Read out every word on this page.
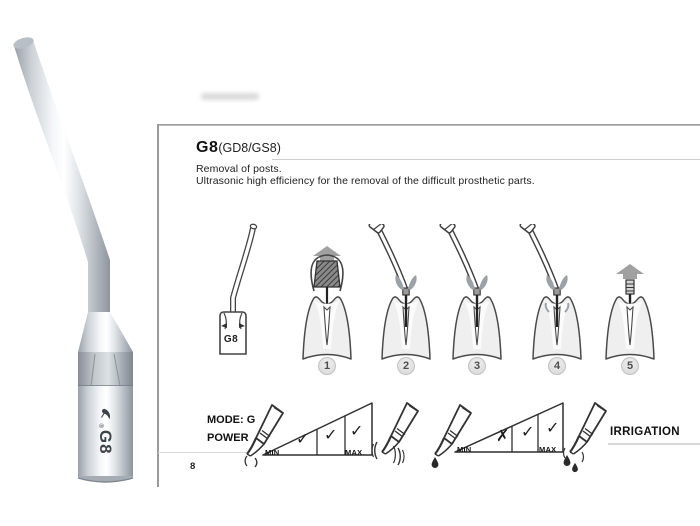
®
G8
G8 (GD8/GS8)
Removal of posts.
Ultrasonic high efficiency for the removal of the difficult prosthetic parts.
G8
1	2	3	4	5
MODE: G
POWER	✓ ✓ ✓
MIN	MAX
✗ ✓ ✓
MIN	MAX
IRRIGATION
8
